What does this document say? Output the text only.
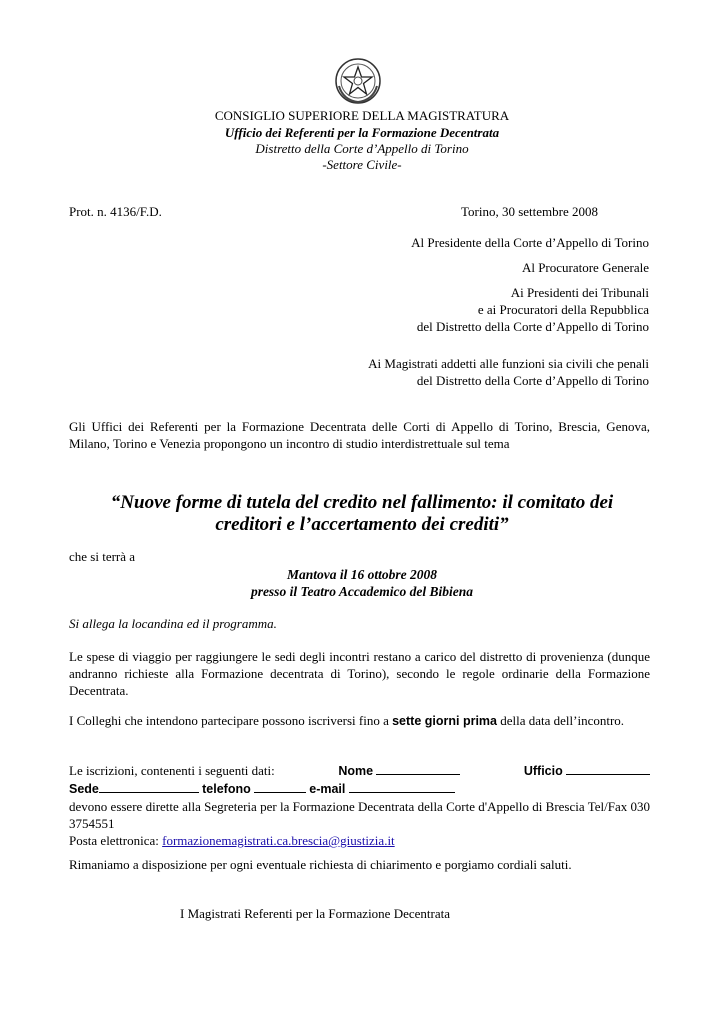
CONSIGLIO SUPERIORE DELLA MAGISTRATURA
Ufficio dei Referenti per la Formazione Decentrata
Distretto della Corte d’Appello di Torino
-Settore Civile-
Prot. n. 4136/F.D.	Torino, 30 settembre 2008
Al Presidente della Corte d’Appello di Torino
Al Procuratore Generale
Ai Presidenti dei Tribunali
e ai Procuratori della Repubblica
del Distretto della Corte d’Appello di Torino
Ai Magistrati addetti alle funzioni sia civili che penali
del Distretto della Corte d’Appello di Torino
Gli Uffici dei Referenti per la Formazione Decentrata delle Corti di Appello di Torino, Brescia, Genova, Milano, Torino e Venezia propongono un incontro di studio interdistrettuale sul tema
“Nuove forme di tutela del credito nel fallimento: il comitato dei
creditori e l’accertamento dei crediti”
che si terrà a
Mantova il 16 ottobre 2008
presso il Teatro Accademico del Bibiena
Si allega la locandina ed il programma.
Le spese di viaggio per raggiungere le sedi degli incontri restano a carico del distretto di provenienza (dunque andranno richieste alla Formazione decentrata di Torino), secondo le regole ordinarie della Formazione Decentrata.
I Colleghi che intendono partecipare possono iscriversi fino a sette giorni prima della data dell’incontro.
Le iscrizioni, contenenti i seguenti dati:	Nome	Ufficio
Sede	telefono	e-mail
devono essere dirette alla Segreteria per la Formazione Decentrata della Corte d'Appello di Brescia Tel/Fax 030 3754551
Posta elettronica: formazionemagistrati.ca.brescia@giustizia.it
Rimaniamo a disposizione per ogni eventuale richiesta di chiarimento e porgiamo cordiali saluti.
I Magistrati Referenti per la Formazione Decentrata
